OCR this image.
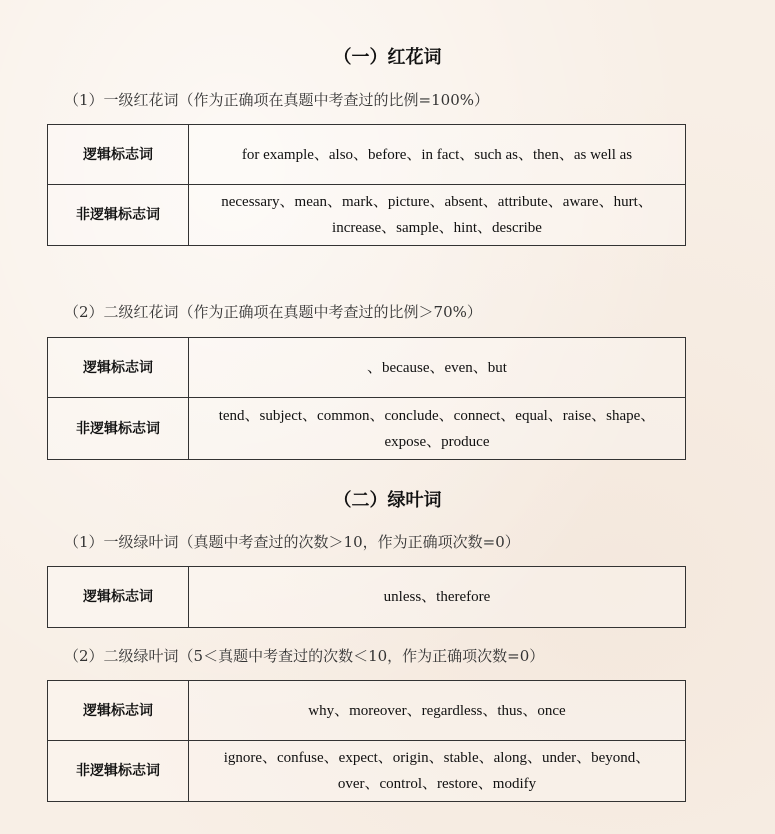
（一）红花词
（1）一级红花词（作为正确项在真题中考查过的比例=100%）
逻辑标志词	for example、also、before、in fact、such as、then、as well as
非逻辑标志词	necessary、mean、mark、picture、absent、attribute、aware、hurt、
increase、sample、hint、describe
（2）二级红花词（作为正确项在真题中考查过的比例＞70%）
逻辑标志词	、because、even、but
非逻辑标志词	tend、subject、common、conclude、connect、equal、raise、shape、
expose、produce
（二）绿叶词
（1）一级绿叶词（真题中考查过的次数＞10，作为正确项次数=0）
逻辑标志词	unless、therefore
（2）二级绿叶词（5＜真题中考查过的次数＜10，作为正确项次数=0）
逻辑标志词	why、moreover、regardless、thus、once
非逻辑标志词	ignore、confuse、expect、origin、stable、along、under、beyond、
over、control、restore、modify
